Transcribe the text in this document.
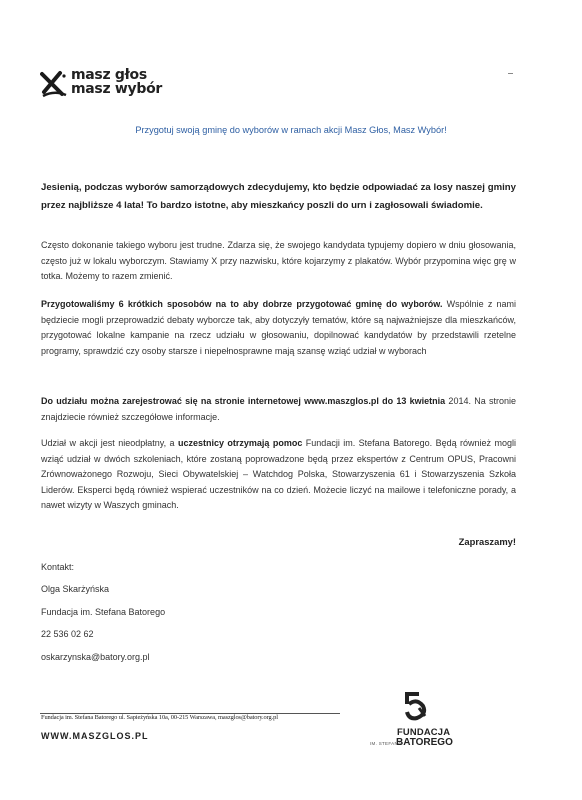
masz głos
masz wybór
Przygotuj swoją gminę do wyborów w ramach akcji Masz Głos, Masz Wybór!
Jesienią, podczas wyborów samorządowych zdecydujemy, kto będzie odpowiadać za losy naszej gminy przez najbliższe 4 lata! To bardzo istotne, aby mieszkańcy poszli do urn i zagłosowali świadomie.
Często dokonanie takiego wyboru jest trudne. Zdarza się, że swojego kandydata typujemy dopiero w dniu głosowania, często już w lokalu wyborczym. Stawiamy X przy nazwisku, które kojarzymy z plakatów. Wybór przypomina więc grę w totka. Możemy to razem zmienić.
Przygotowaliśmy 6 krótkich sposobów na to aby dobrze przygotować gminę do wyborów. Wspólnie z nami będziecie mogli przeprowadzić debaty wyborcze tak, aby dotyczyły tematów, które są najważniejsze dla mieszkańców, przygotować lokalne kampanie na rzecz udziału w głosowaniu, dopilnować kandydatów by przedstawili rzetelne programy, sprawdzić czy osoby starsze i niepełnosprawne mają szansę wziąć udział w wyborach
Do udziału można zarejestrować się na stronie internetowej www.maszglos.pl do 13 kwietnia 2014. Na stronie znajdziecie również szczegółowe informacje.
Udział w akcji jest nieodpłatny, a uczestnicy otrzymają pomoc Fundacji im. Stefana Batorego. Będą również mogli wziąć udział w dwóch szkoleniach, które zostaną poprowadzone będą przez ekspertów z Centrum OPUS, Pracowni Zrównoważonego Rozwoju, Sieci Obywatelskiej – Watchdog Polska, Stowarzyszenia 61 i Stowarzyszenia Szkoła Liderów. Eksperci będą również wspierać uczestników na co dzień. Możecie liczyć na mailowe i telefoniczne porady, a nawet wizyty w Waszych gminach.
Zapraszamy!
Kontakt:
Olga Skarżyńska
Fundacja im. Stefana Batorego
22 536 02 62
oskarzynska@batory.org.pl
Fundacja im. Stefana Batorego ul. Sapieżyńska 10a, 00-215 Warszawa, maszglos@batory.org.pl
WWW.MASZGLOS.PL	FUNDACJA
IM. STEFANA
BATOREGO
